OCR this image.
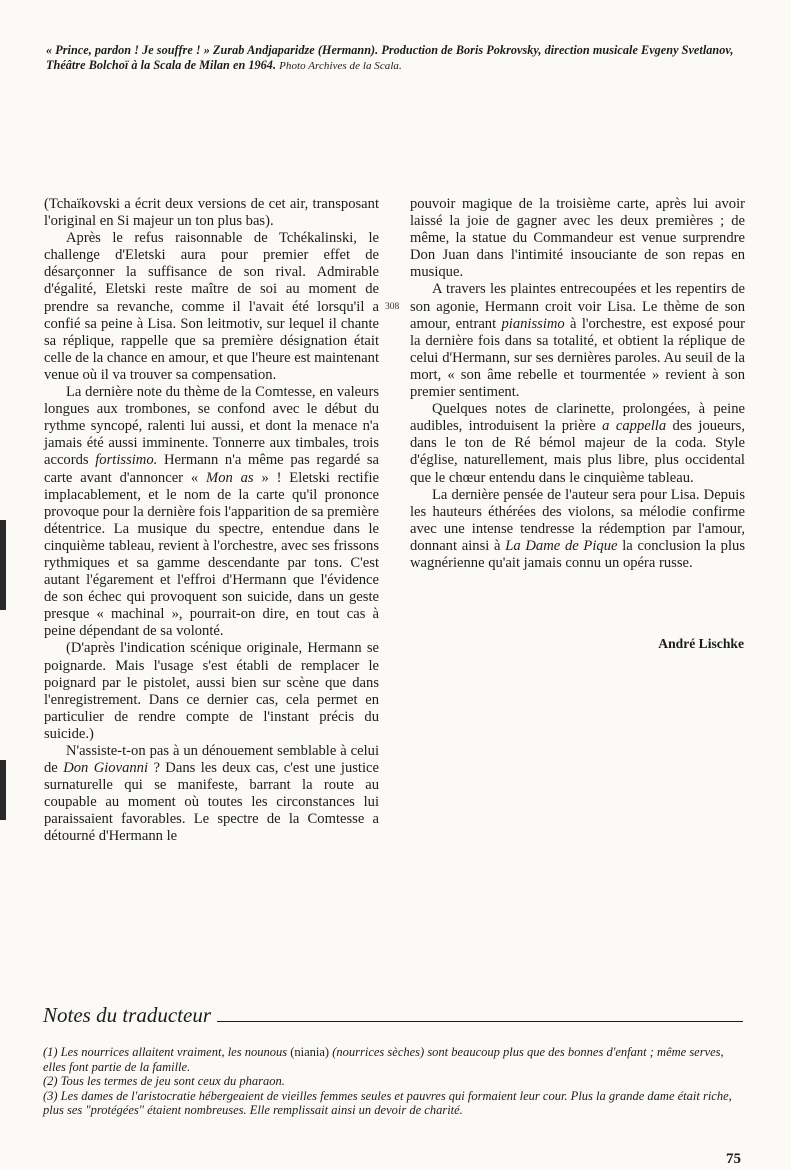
« Prince, pardon ! Je souffre ! » Zurab Andjaparidze (Hermann). Production de Boris Pokrovsky, direction musicale Evgeny Svetlanov, Théâtre Bolchoï à la Scala de Milan en 1964. Photo Archives de la Scala.

(Tchaïkovski a écrit deux versions de cet air, transposant l'original en Si majeur un ton plus bas).

Après le refus raisonnable de Tchékalinski, le challenge d'Eletski aura pour premier effet de désarçonner la suffisance de son rival. Admirable d'égalité, Eletski reste maître de soi au moment de prendre sa revanche, comme il l'avait été lorsqu'il a confié sa peine à Lisa. Son leitmotiv, sur lequel il chante sa réplique, rappelle que sa première désignation était celle de la chance en amour, et que l'heure est maintenant venue où il va trouver sa compensation.

La dernière note du thème de la Comtesse, en valeurs longues aux trombones, se confond avec le début du rythme syncopé, ralenti lui aussi, et dont la menace n'a jamais été aussi imminente. Tonnerre aux timbales, trois accords fortissimo. Hermann n'a même pas regardé sa carte avant d'annoncer « Mon as » ! Eletski rectifie implacablement, et le nom de la carte qu'il prononce provoque pour la dernière fois l'apparition de sa première détentrice. La musique du spectre, entendue dans le cinquième tableau, revient à l'orchestre, avec ses frissons rythmiques et sa gamme descendante par tons. C'est autant l'égarement et l'effroi d'Hermann que l'évidence de son échec qui provoquent son suicide, dans un geste presque « machinal », pourrait-on dire, en tout cas à peine dépendant de sa volonté.

(D'après l'indication scénique originale, Hermann se poignarde. Mais l'usage s'est établi de remplacer le poignard par le pistolet, aussi bien sur scène que dans l'enregistrement. Dans ce dernier cas, cela permet en particulier de rendre compte de l'instant précis du suicide.)

N'assiste-t-on pas à un dénouement semblable à celui de Don Giovanni ? Dans les deux cas, c'est une justice surnaturelle qui se manifeste, barrant la route au coupable au moment où toutes les circonstances lui paraissaient favorables. Le spectre de la Comtesse a détourné d'Hermann le

308

pouvoir magique de la troisième carte, après lui avoir laissé la joie de gagner avec les deux premières ; de même, la statue du Commandeur est venue surprendre Don Juan dans l'intimité insouciante de son repas en musique.

A travers les plaintes entrecoupées et les repentirs de son agonie, Hermann croit voir Lisa. Le thème de son amour, entrant pianissimo à l'orchestre, est exposé pour la dernière fois dans sa totalité, et obtient la réplique de celui d'Hermann, sur ses dernières paroles. Au seuil de la mort, « son âme rebelle et tourmentée » revient à son premier sentiment.

Quelques notes de clarinette, prolongées, à peine audibles, introduisent la prière a cappella des joueurs, dans le ton de Ré bémol majeur de la coda. Style d'église, naturellement, mais plus libre, plus occidental que le chœur entendu dans le cinquième tableau.

La dernière pensée de l'auteur sera pour Lisa. Depuis les hauteurs éthérées des violons, sa mélodie confirme avec une intense tendresse la rédemption par l'amour, donnant ainsi à La Dame de Pique la conclusion la plus wagnérienne qu'ait jamais connu un opéra russe.

André Lischke
Notes du traducteur

(1) Les nourrices allaitent vraiment, les nounous (niania) (nourrices sèches) sont beaucoup plus que des bonnes d'enfant ; même serves, elles font partie de la famille.

(2) Tous les termes de jeu sont ceux du pharaon.

(3) Les dames de l'aristocratie hébergeaient de vieilles femmes seules et pauvres qui formaient leur cour. Plus la grande dame était riche, plus ses "protégées" étaient nombreuses. Elle remplissait ainsi un devoir de charité.

75
